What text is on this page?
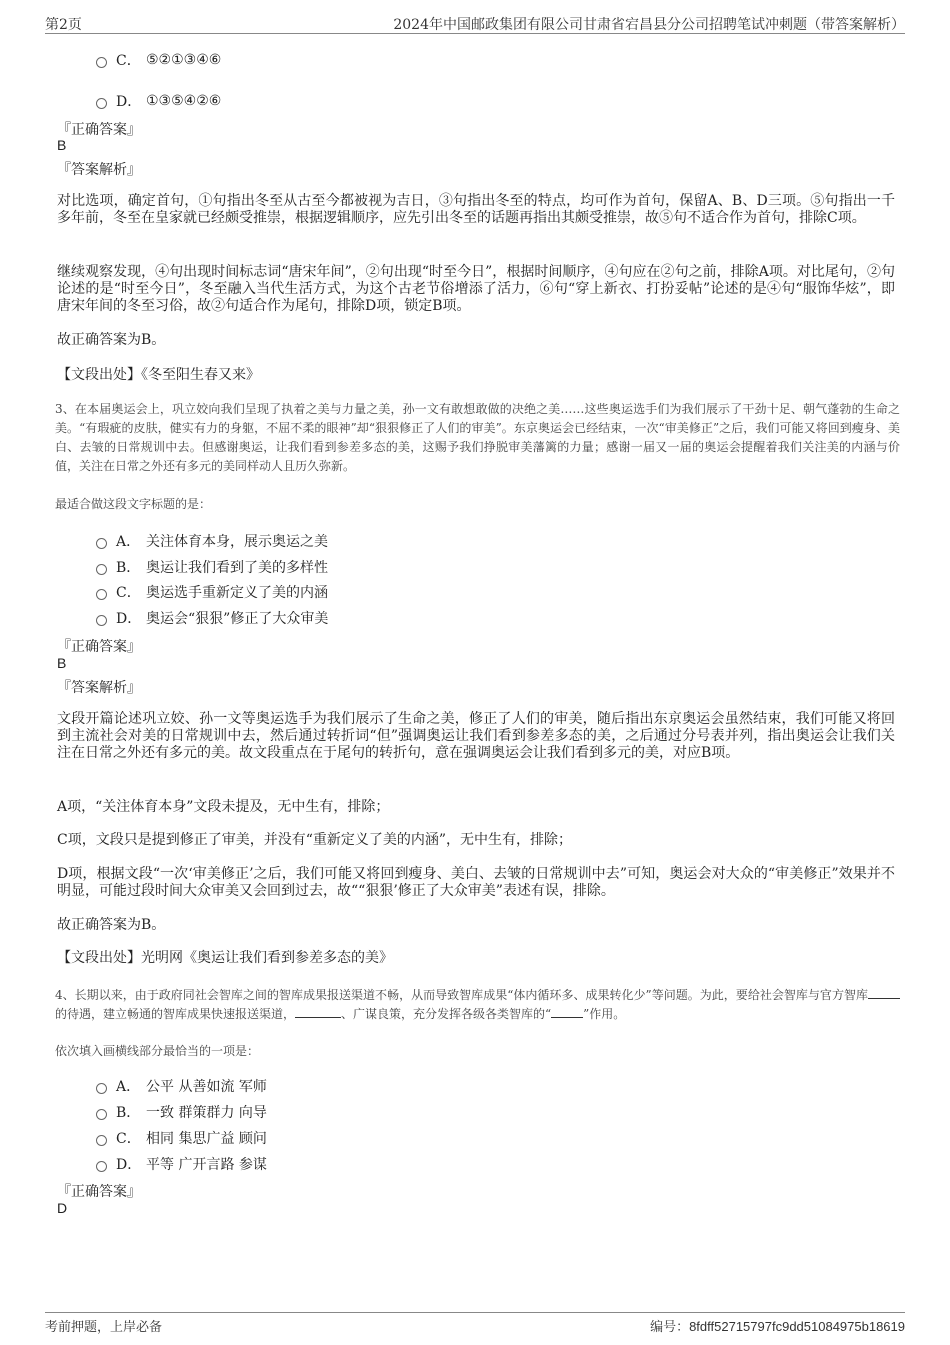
第2页	2024年中国邮政集团有限公司甘肃省宕昌县分公司招聘笔试冲刺题（带答案解析）
C． ⑤②①③④⑥
D． ①③⑤④②⑥
『正确答案』
B
『答案解析』
对比选项，确定首句，①句指出冬至从古至今都被视为吉日，③句指出冬至的特点，均可作为首句，保留A、B、D三项。⑤句指出一千多年前，冬至在皇家就已经颇受推崇，根据逻辑顺序，应先引出冬至的话题再指出其颇受推崇，故⑤句不适合作为首句，排除C项。
继续观察发现，④句出现时间标志词“唐宋年间”，②句出现“时至今日”，根据时间顺序，④句应在②句之前，排除A项。对比尾句，②句论述的是“时至今日”，冬至融入当代生活方式，为这个古老节俗增添了活力，⑥句“穿上新衣、打扮妥帖”论述的是④句“服饰华炫”，即唐宋年间的冬至习俗，故②句适合作为尾句，排除D项，锁定B项。
故正确答案为B。
【文段出处】《冬至阳生春又来》
3、在本届奥运会上，巩立姣向我们呈现了执着之美与力量之美，孙一文有敢想敢做的决绝之美……这些奥运选手们为我们展示了干劲十足、朝气蓬勃的生命之美。“有瑕疵的皮肤，健实有力的身躯，不屈不柔的眼神”却“狠狠修正了人们的审美”。东京奥运会已经结束，一次“审美修正”之后，我们可能又将回到瘦身、美白、去皱的日常规训中去。但感谢奥运，让我们看到参差多态的美，这赐予我们挣脱审美藩篱的力量；感谢一届又一届的奥运会提醒着我们关注美的内涵与价值，关注在日常之外还有多元的美同样动人且历久弥新。
最适合做这段文字标题的是：
A． 关注体育本身，展示奥运之美
B． 奥运让我们看到了美的多样性
C． 奥运选手重新定义了美的内涵
D． 奥运会“狠狠”修正了大众审美
『正确答案』
B
『答案解析』
文段开篇论述巩立姣、孙一文等奥运选手为我们展示了生命之美，修正了人们的审美，随后指出东京奥运会虽然结束，我们可能又将回到主流社会对美的日常规训中去，然后通过转折词“但”强调奥运让我们看到参差多态的美，之后通过分号表并列，指出奥运会让我们关注在日常之外还有多元的美。故文段重点在于尾句的转折句，意在强调奥运会让我们看到多元的美，对应B项。
A项，“关注体育本身”文段未提及，无中生有，排除；
C项，文段只是提到修正了审美，并没有“重新定义了美的内涵”，无中生有，排除；
D项，根据文段“一次‘审美修正’之后，我们可能又将回到瘦身、美白、去皱的日常规训中去”可知，奥运会对大众的“审美修正”效果并不明显，可能过段时间大众审美又会回到过去，故““狠狠’修正了大众审美”表述有误，排除。
故正确答案为B。
【文段出处】光明网《奥运让我们看到参差多态的美》
4、长期以来，由于政府同社会智库之间的智库成果报送渠道不畅，从而导致智库成果“体内循环多、成果转化少”等问题。为此，要给社会智库与官方智库的待遇，建立畅通的智库成果快速报送渠道，	、广谋良策，充分发挥各级各类智库的“	”作用。
依次填入画横线部分最恰当的一项是：
A． 公平 从善如流 军师
B． 一致 群策群力 向导
C． 相同 集思广益 顾问
D． 平等 广开言路 参谋
『正确答案』
D
考前押题，上岸必备	编号：8fdff52715797fc9dd51084975b18619
